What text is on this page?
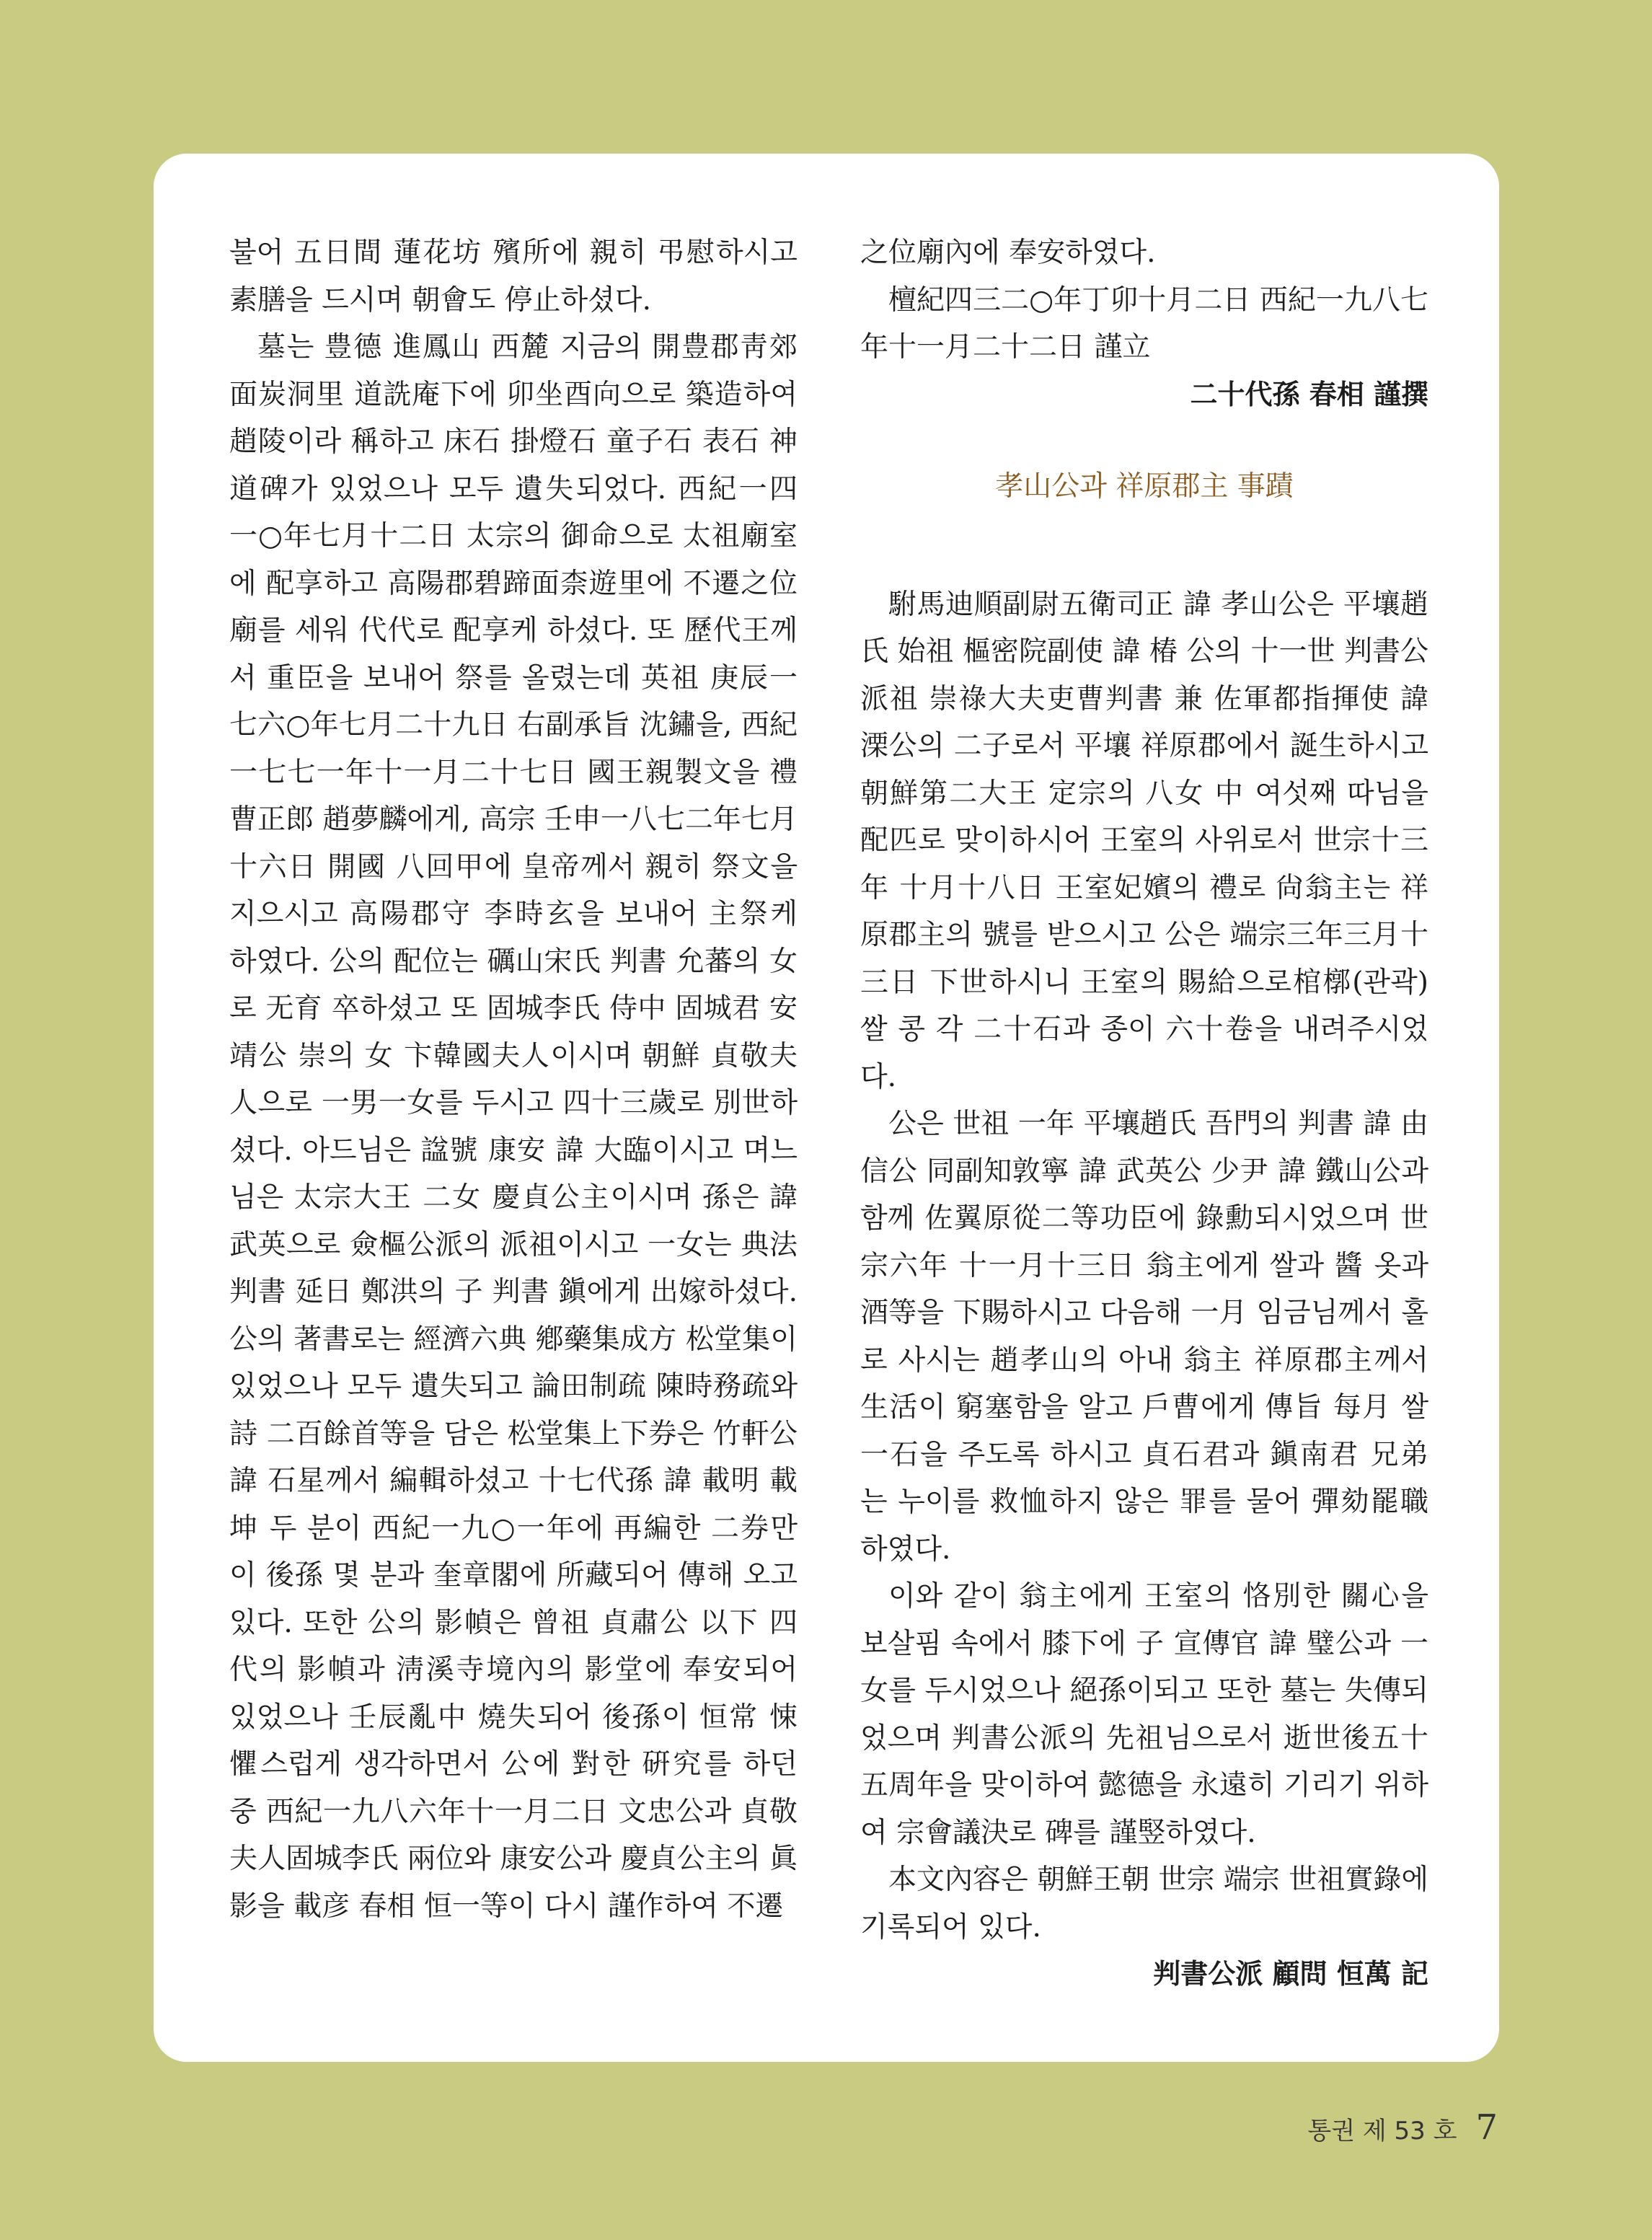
불어 五日間 蓮花坊 殯所에 親히 弔慰하시고 素膳을 드시며 朝會도 停止하셨다.

墓는 豊德 進鳳山 西麓 지금의 開豊郡靑郊面炭洞里 道詵庵下에 卯坐酉向으로 築造하여 趙陵이라 稱하고 床石 掛燈石 童子石 表石 神道碑가 있었으나 모두 遺失되었다. 西紀一四一○年七月十二日 太宗의 御命으로 太祖廟室에 配享하고 高陽郡碧蹄面柰遊里에 不遷之位廟를 세워 代代로 配享케 하셨다. 또 歷代王께서 重臣을 보내어 祭를 올렸는데 英祖 庚辰一七六○年七月二十九日 右副承旨 沈鏽을, 西紀一七七一年十一月二十七日 國王親製文을 禮曹正郎 趙夢麟에게, 高宗 壬申一八七二年七月十六日 開國 八回甲에 皇帝께서 親히 祭文을 지으시고 高陽郡守 李時玄을 보내어 主祭케 하였다. 公의 配位는 礪山宋氏 判書 允蕃의 女로 无育 卒하셨고 또 固城李氏 侍中 固城君 安靖公 崇의 女 卞韓國夫人이시며 朝鮮 貞敬夫人으로 一男一女를 두시고 四十三歲로 別世하셨다. 아드님은 諡號 康安 諱 大臨이시고 며느님은 太宗大王 二女 慶貞公主이시며 孫은 諱 武英으로 僉樞公派의 派祖이시고 一女는 典法判書 延日 鄭洪의 子 判書 鎭에게 出嫁하셨다. 公의 著書로는 經濟六典 鄕藥集成方 松堂集이 있었으나 모두 遺失되고 論田制疏 陳時務疏와 詩 二百餘首等을 담은 松堂集上下券은 竹軒公 諱 石星께서 編輯하셨고 十七代孫 諱 載明 載坤 두 분이 西紀一九○一年에 再編한 二券만이 後孫 몇 분과 奎章閣에 所藏되어 傳해 오고 있다. 또한 公의 影幀은 曾祖 貞肅公 以下 四代의 影幀과 淸溪寺境內의 影堂에 奉安되어 있었으나 壬辰亂中 燒失되어 後孫이 恒常 悚懼스럽게 생각하면서 公에 對한 硏究를 하던 중 西紀一九八六年十一月二日 文忠公과 貞敬夫人固城李氏 兩位와 康安公과 慶貞公主의 眞影을 載彦 春相 恒一等이 다시 謹作하여 不遷

之位廟內에 奉安하였다.

檀紀四三二○年丁卯十月二日 西紀一九八七年十一月二十二日 謹立

二十代孫 春相 謹撰

孝山公과 祥原郡主 事蹟

駙馬迪順副尉五衛司正 諱 孝山公은 平壤趙氏 始祖 樞密院副使 諱 椿 公의 十一世 判書公派祖 崇祿大夫吏曹判書 兼 佐軍都指揮使 諱溧公의 二子로서 平壤 祥原郡에서 誕生하시고 朝鮮第二大王 定宗의 八女 中 여섯째 따님을 配匹로 맞이하시어 王室의 사위로서 世宗十三年 十月十八日 王室妃嬪의 禮로 尙翁主는 祥原郡主의 號를 받으시고 公은 端宗三年三月十三日 下世하시니 王室의 賜給으로棺槨(관곽) 쌀 콩 각 二十石과 종이 六十卷을 내려주시었다.

公은 世祖 一年 平壤趙氏 吾門의 判書 諱 由信公 同副知敦寧 諱 武英公 少尹 諱 鐵山公과 함께 佐翼原從二等功臣에 錄勳되시었으며 世宗六年 十一月十三日 翁主에게 쌀과 醬 옷과 酒等을 下賜하시고 다음해 一月 임금님께서 홀로 사시는 趙孝山의 아내 翁主 祥原郡主께서 生活이 窮塞함을 알고 戶曹에게 傳旨 每月 쌀 一石을 주도록 하시고 貞石君과 鎭南君 兄弟는 누이를 救恤하지 않은 罪를 물어 彈劾罷職하였다.

이와 같이 翁主에게 王室의 恪別한 關心을 보살핌 속에서 膝下에 子 宣傳官 諱 璧公과 一女를 두시었으나 絕孫이되고 또한 墓는 失傳되었으며 判書公派의 先祖님으로서 逝世後五十五周年을 맞이하여 懿德을 永遠히 기리기 위하여 宗會議決로 碑를 謹竪하였다.

本文內容은 朝鮮王朝 世宗 端宗 世祖實錄에 기록되어 있다.

判書公派 顧問 恒萬 記

통권 제 53 호 7
